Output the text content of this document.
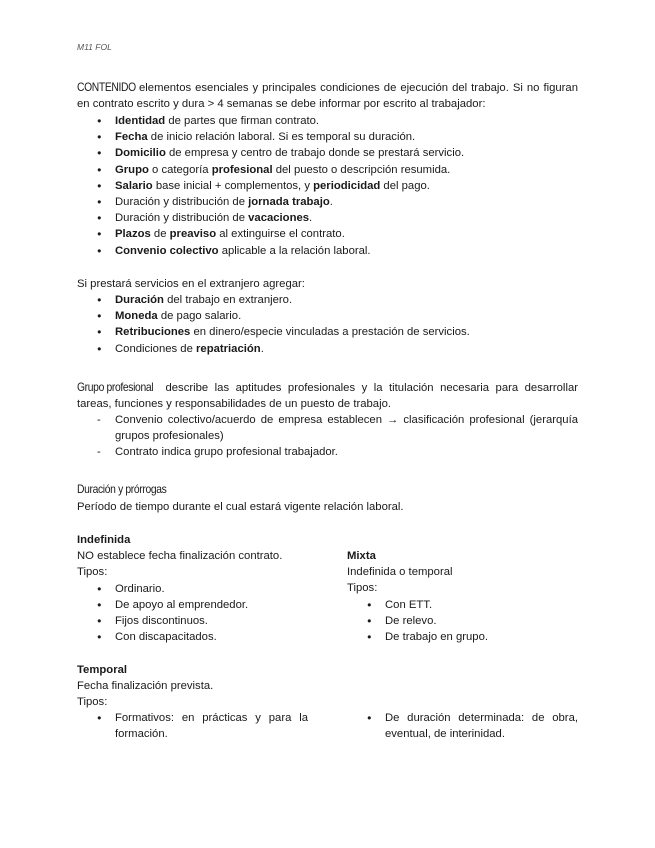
M11 FOL
CONTENIDO elementos esenciales y principales condiciones de ejecución del trabajo. Si no figuran en contrato escrito y dura > 4 semanas se debe informar por escrito al trabajador:
● Identidad de partes que firman contrato.
● Fecha de inicio relación laboral. Si es temporal su duración.
● Domicilio de empresa y centro de trabajo donde se prestará servicio.
● Grupo o categoría profesional del puesto o descripción resumida.
● Salario base inicial + complementos, y periodicidad del pago.
● Duración y distribución de jornada trabajo.
● Duración y distribución de vacaciones.
● Plazos de preaviso al extinguirse el contrato.
● Convenio colectivo aplicable a la relación laboral.
Si prestará servicios en el extranjero agregar:
● Duración del trabajo en extranjero.
● Moneda de pago salario.
● Retribuciones en dinero/especie vinculadas a prestación de servicios.
● Condiciones de repatriación.
Grupo profesional describe las aptitudes profesionales y la titulación necesaria para desarrollar tareas, funciones y responsabilidades de un puesto de trabajo.
- Convenio colectivo/acuerdo de empresa establecen → clasificación profesional (jerarquía grupos profesionales)
- Contrato indica grupo profesional trabajador.
Duración y prórrogas
Período de tiempo durante el cual estará vigente relación laboral.
Indefinida
NO establece fecha finalización contrato.
Tipos:
● Ordinario.
● De apoyo al emprendedor.
● Fijos discontinuos.
● Con discapacitados.
Mixta
Indefinida o temporal
Tipos:
● Con ETT.
● De relevo.
● De trabajo en grupo.
Temporal
Fecha finalización prevista.
Tipos:
● Formativos: en prácticas y para la formación.
● De duración determinada: de obra, eventual, de interinidad.
